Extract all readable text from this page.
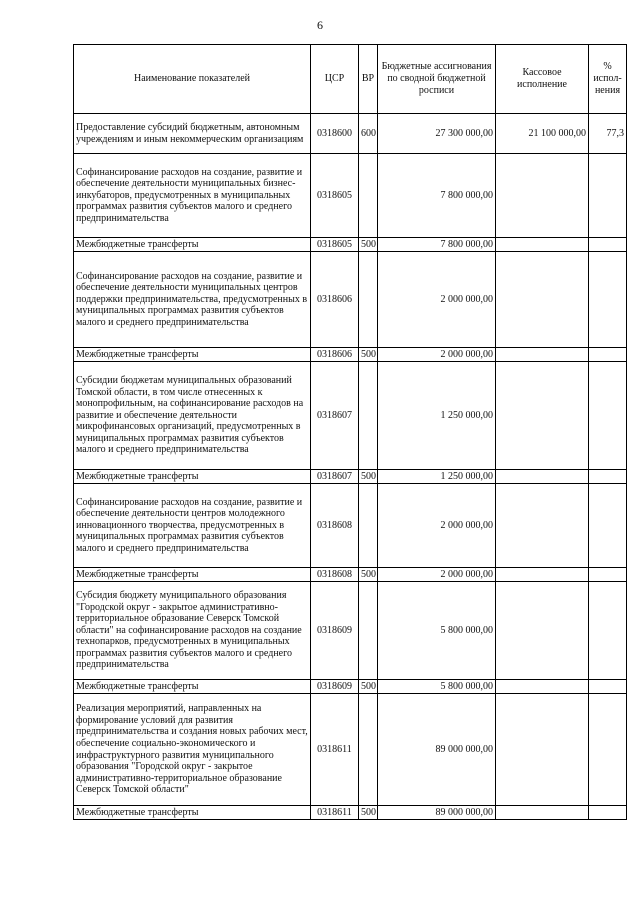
6
Наименование показателей	ЦСР	ВР	Бюджетные ассигнования по сводной бюджетной росписи	Кассовое исполнение	% испол-нения
Предоставление субсидий бюджетным, автономным учреждениям и иным некоммерческим организациям	0318600	600	27 300 000,00	21 100 000,00	77,3
Софинансирование расходов на создание, развитие и обеспечение деятельности муниципальных бизнес-инкубаторов, предусмотренных в муниципальных программах развития субъектов малого и среднего предпринимательства	0318605		7 800 000,00		
Межбюджетные трансферты	0318605	500	7 800 000,00		
Софинансирование расходов на создание, развитие и обеспечение деятельности муниципальных центров поддержки предпринимательства, предусмотренных в муниципальных программах развития субъектов малого и среднего предпринимательства	0318606		2 000 000,00		
Межбюджетные трансферты	0318606	500	2 000 000,00		
Субсидии бюджетам муниципальных образований Томской области, в том числе отнесенных к монопрофильным, на софинансирование расходов на развитие и обеспечение деятельности микрофинансовых организаций, предусмотренных в муниципальных программах развития субъектов малого и среднего предпринимательства	0318607		1 250 000,00		
Межбюджетные трансферты	0318607	500	1 250 000,00		
Софинансирование расходов на создание, развитие и обеспечение деятельности центров молодежного инновационного творчества, предусмотренных в муниципальных программах развития субъектов малого и среднего предпринимательства	0318608		2 000 000,00		
Межбюджетные трансферты	0318608	500	2 000 000,00		
Субсидия бюджету муниципального образования "Городской округ - закрытое административно-территориальное образование Северск Томской области" на софинансирование расходов на создание технопарков, предусмотренных в муниципальных программах развития субъектов малого и среднего предпринимательства	0318609		5 800 000,00		
Межбюджетные трансферты	0318609	500	5 800 000,00		
Реализация мероприятий, направленных на формирование условий для развития предпринимательства и создания новых рабочих мест, обеспечение социально-экономического и инфраструктурного развития муниципального образования "Городской округ - закрытое административно-территориальное образование Северск Томской области"	0318611		89 000 000,00		
Межбюджетные трансферты	0318611	500	89 000 000,00		
